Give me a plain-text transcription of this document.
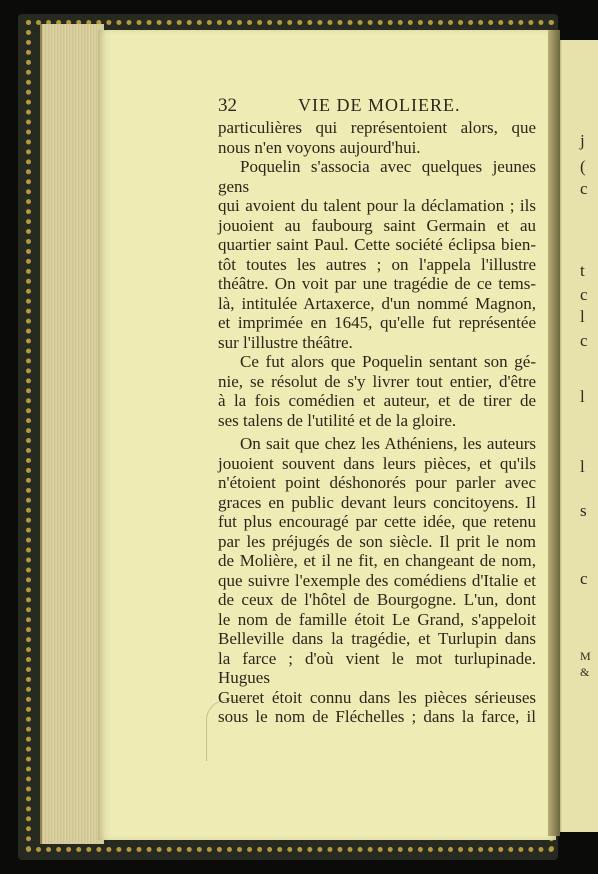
j
(
c
t
c
l
c
l
l
s
c
M
&
32	VIE DE MOLIERE.

particulières qui représentoient alors, que

nous n'en voyons aujourd'hui.

Poquelin s'associa avec quelques jeunes gens

qui avoient du talent pour la déclamation ; ils

jouoient au faubourg saint Germain et au

quartier saint Paul. Cette société éclipsa bien-

tôt toutes les autres ; on l'appela l'illustre

théâtre. On voit par une tragédie de ce tems-

là, intitulée Artaxerce, d'un nommé Magnon,

et imprimée en 1645, qu'elle fut représentée

sur l'illustre théâtre.

Ce fut alors que Poquelin sentant son gé-

nie, se résolut de s'y livrer tout entier, d'être

à la fois comédien et auteur, et de tirer de

ses talens de l'utilité et de la gloire.

On sait que chez les Athéniens, les auteurs

jouoient souvent dans leurs pièces, et qu'ils

n'étoient point déshonorés pour parler avec

graces en public devant leurs concitoyens. Il

fut plus encouragé par cette idée, que retenu

par les préjugés de son siècle. Il prit le nom

de Molière, et il ne fit, en changeant de nom,

que suivre l'exemple des comédiens d'Italie et

de ceux de l'hôtel de Bourgogne. L'un, dont

le nom de famille étoit Le Grand, s'appeloit

Belleville dans la tragédie, et Turlupin dans

la farce ; d'où vient le mot turlupinade. Hugues

Gueret étoit connu dans les pièces sérieuses

sous le nom de Fléchelles ; dans la farce, il
